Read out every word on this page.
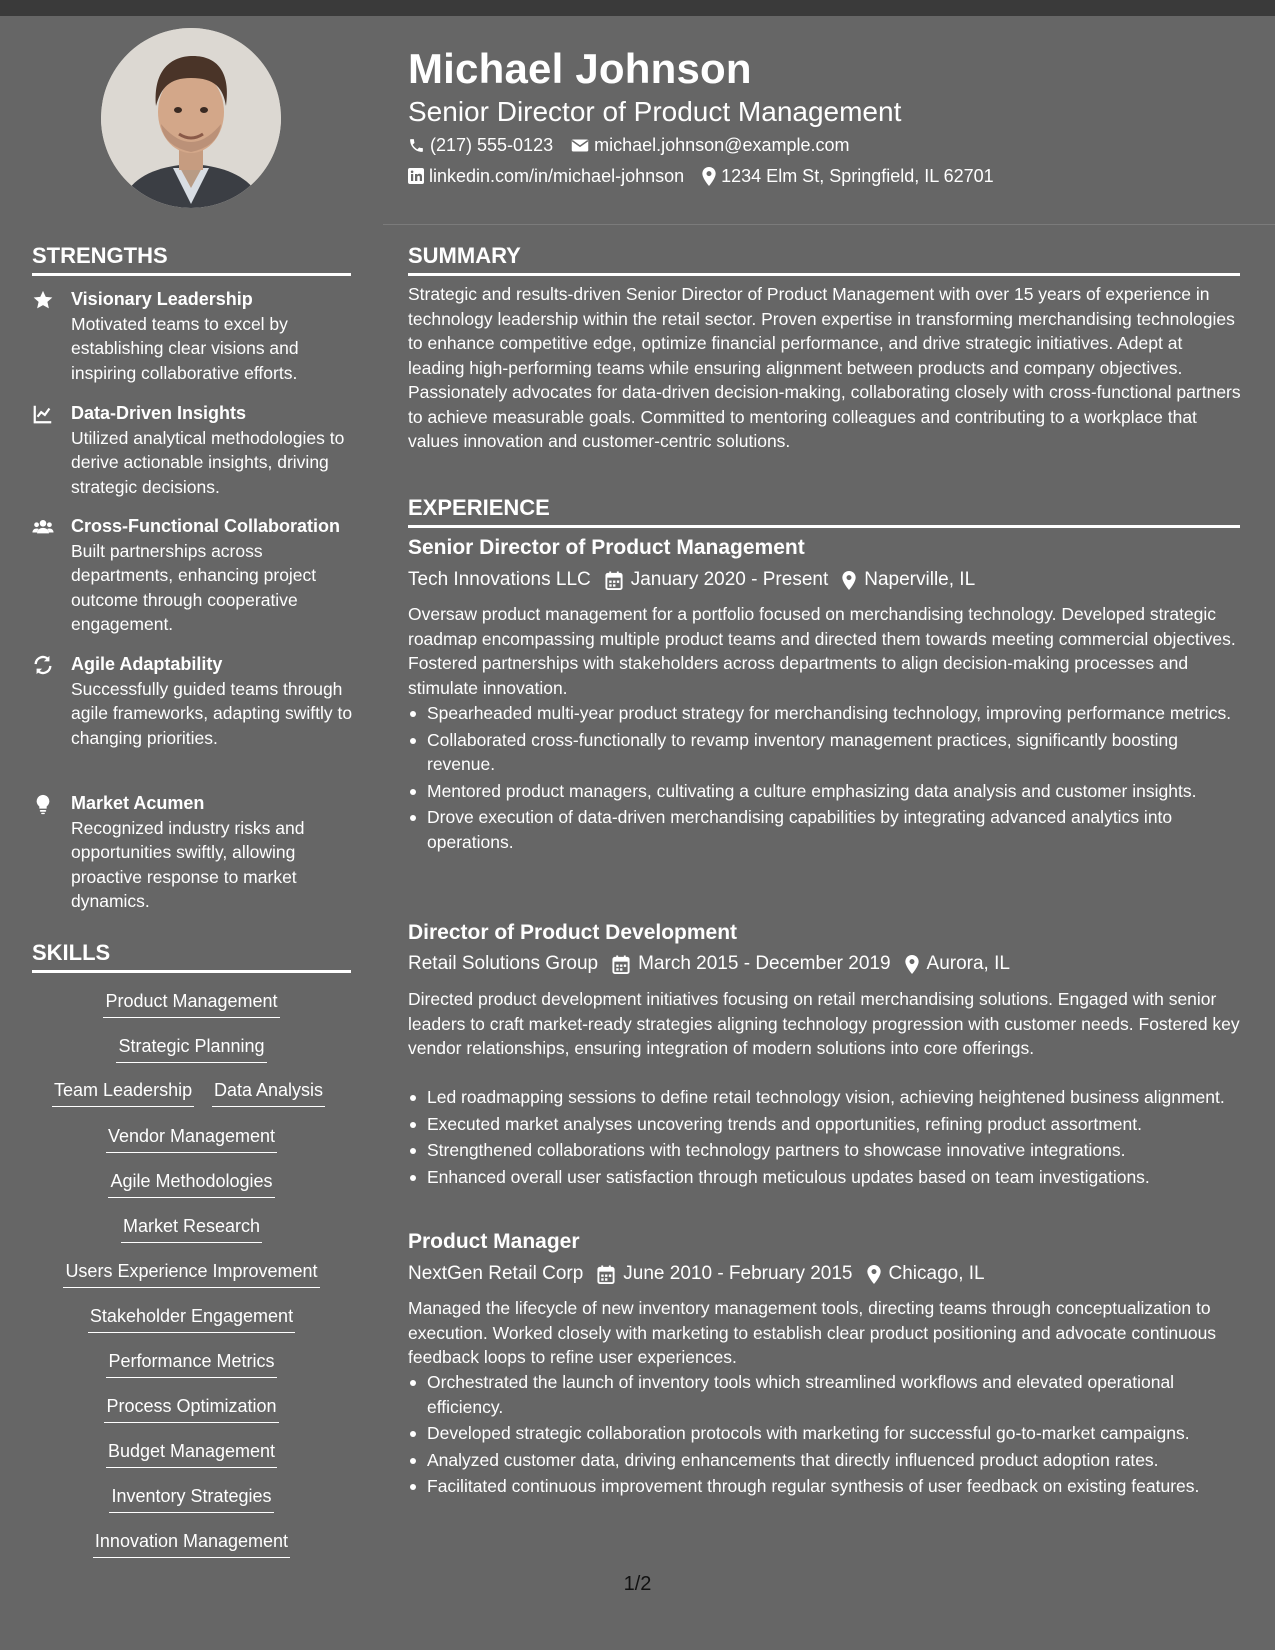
Michael Johnson
Senior Director of Product Management
(217) 555-0123 michael.johnson@example.com
linkedin.com/in/michael-johnson 1234 Elm St, Springfield, IL 62701
STRENGTHS
Visionary Leadership
Motivated teams to excel by establishing clear visions and inspiring collaborative efforts.
Data-Driven Insights
Utilized analytical methodologies to derive actionable insights, driving strategic decisions.
Cross-Functional Collaboration
Built partnerships across departments, enhancing project outcome through cooperative engagement.
Agile Adaptability
Successfully guided teams through agile frameworks, adapting swiftly to changing priorities.
Market Acumen
Recognized industry risks and opportunities swiftly, allowing proactive response to market dynamics.
SKILLS
Product Management
Strategic Planning
Team Leadership Data Analysis
Vendor Management
Agile Methodologies
Market Research
Users Experience Improvement
Stakeholder Engagement
Performance Metrics
Process Optimization
Budget Management
Inventory Strategies
Innovation Management
SUMMARY
Strategic and results-driven Senior Director of Product Management with over 15 years of experience in technology leadership within the retail sector. Proven expertise in transforming merchandising technologies to enhance competitive edge, optimize financial performance, and drive strategic initiatives. Adept at leading high-performing teams while ensuring alignment between products and company objectives. Passionately advocates for data-driven decision-making, collaborating closely with cross-functional partners to achieve measurable goals. Committed to mentoring colleagues and contributing to a workplace that values innovation and customer-centric solutions.
EXPERIENCE
Senior Director of Product Management
Tech Innovations LLC January 2020 - Present Naperville, IL
Oversaw product management for a portfolio focused on merchandising technology. Developed strategic roadmap encompassing multiple product teams and directed them towards meeting commercial objectives. Fostered partnerships with stakeholders across departments to align decision-making processes and stimulate innovation.
Spearheaded multi-year product strategy for merchandising technology, improving performance metrics.
Collaborated cross-functionally to revamp inventory management practices, significantly boosting revenue.
Mentored product managers, cultivating a culture emphasizing data analysis and customer insights.
Drove execution of data-driven merchandising capabilities by integrating advanced analytics into operations.
Director of Product Development
Retail Solutions Group March 2015 - December 2019 Aurora, IL
Directed product development initiatives focusing on retail merchandising solutions. Engaged with senior leaders to craft market-ready strategies aligning technology progression with customer needs. Fostered key vendor relationships, ensuring integration of modern solutions into core offerings.
Led roadmapping sessions to define retail technology vision, achieving heightened business alignment.
Executed market analyses uncovering trends and opportunities, refining product assortment.
Strengthened collaborations with technology partners to showcase innovative integrations.
Enhanced overall user satisfaction through meticulous updates based on team investigations.
Product Manager
NextGen Retail Corp June 2010 - February 2015 Chicago, IL
Managed the lifecycle of new inventory management tools, directing teams through conceptualization to execution. Worked closely with marketing to establish clear product positioning and advocate continuous feedback loops to refine user experiences.
Orchestrated the launch of inventory tools which streamlined workflows and elevated operational efficiency.
Developed strategic collaboration protocols with marketing for successful go-to-market campaigns.
Analyzed customer data, driving enhancements that directly influenced product adoption rates.
Facilitated continuous improvement through regular synthesis of user feedback on existing features.
1/2
